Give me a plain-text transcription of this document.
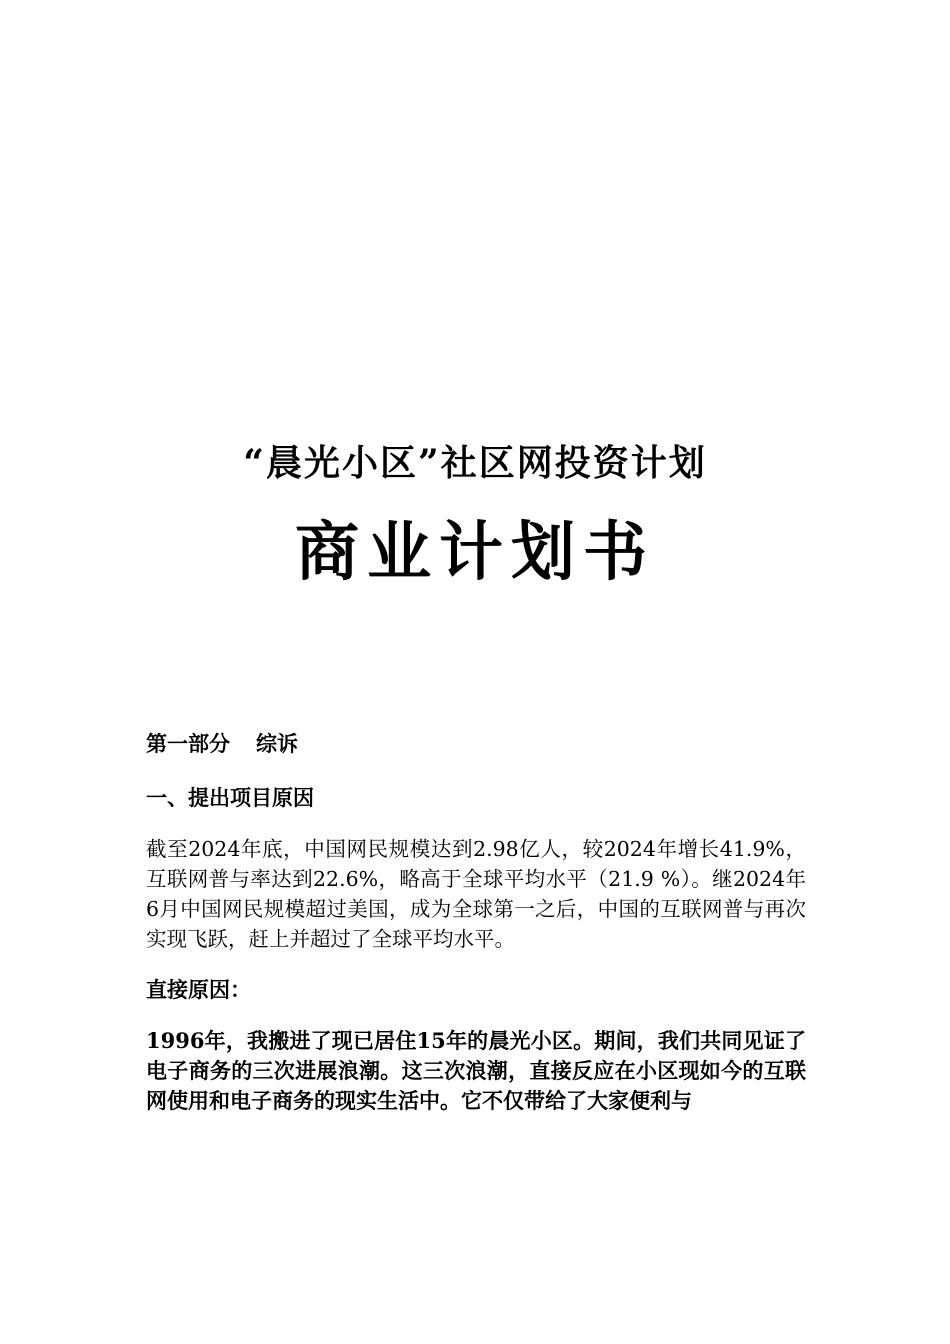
“晨光小区”社区网投资计划
商业计划书
第一部分 综诉
一、提出项目原因

截至2024年底，中国网民规模达到2.98亿人，较2024年增长41.9%，互联网普与率达到22.6%，略高于全球平均水平（21.9 %）。继2024年6月中国网民规模超过美国，成为全球第一之后，中国的互联网普与再次实现飞跃，赶上并超过了全球平均水平。

直接原因：

1996年，我搬进了现已居住15年的晨光小区。期间，我们共同见证了电子商务的三次进展浪潮。这三次浪潮，直接反应在小区现如今的互联网使用和电子商务的现实生活中。它不仅带给了大家便利与
